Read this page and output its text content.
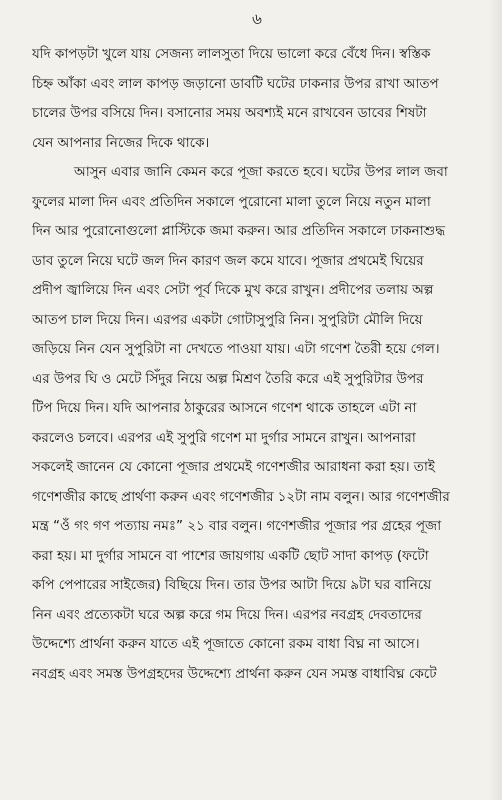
৬
যদি কাপড়টা খুলে যায় সেজন্য লালসুতা দিয়ে ভালো করে বেঁধে দিন। স্বস্তিক
চিহ্ন আঁকা এবং লাল কাপড় জড়ানো ডাবটি ঘটের ঢাকনার উপর রাখা আতপ
চালের উপর বসিয়ে দিন। বসানোর সময় অবশ্যই মনে রাখবেন ডাবের শিষটা
যেন আপনার নিজের দিকে থাকে।
আসুন এবার জানি কেমন করে পূজা করতে হবে। ঘটের উপর লাল জবা
ফুলের মালা দিন এবং প্রতিদিন সকালে পুরোনো মালা তুলে নিয়ে নতুন মালা
দিন আর পুরোনোগুলো প্লাস্টিকে জমা করুন। আর প্রতিদিন সকালে ঢাকনাশুদ্ধ
ডাব তুলে নিয়ে ঘটে জল দিন কারণ জল কমে যাবে। পূজার প্রথমেই ঘিয়ের
প্রদীপ জ্বালিয়ে দিন এবং সেটা পূর্ব দিকে মুখ করে রাখুন। প্রদীপের তলায় অল্প
আতপ চাল দিয়ে দিন। এরপর একটা গোটাসুপুরি নিন। সুপুরিটা মৌলি দিয়ে
জড়িয়ে নিন যেন সুপুরিটা না দেখতে পাওয়া যায়। এটা গণেশ তৈরী হয়ে গেল।
এর উপর ঘি ও মেটে সিঁদুর নিয়ে অল্প মিশ্রণ তৈরি করে এই সুপুরিটার উপর
টিপ দিয়ে দিন। যদি আপনার ঠাকুরের আসনে গণেশ থাকে তাহলে এটা না
করলেও চলবে। এরপর এই সুপুরি গণেশ মা দুর্গার সামনে রাখুন। আপনারা
সকলেই জানেন যে কোনো পূজার প্রথমেই গণেশজীর আরাধনা করা হয়। তাই
গণেশজীর কাছে প্রার্থণা করুন এবং গণেশজীর ১২টা নাম বলুন। আর গণেশজীর
মন্ত্র “ওঁ গং গণ পত্যায় নমঃ” ২১ বার বলুন। গণেশজীর পূজার পর গ্রহের পূজা
করা হয়। মা দুর্গার সামনে বা পাশের জায়গায় একটি ছোট সাদা কাপড় (ফটো
কপি পেপারের সাইজের) বিছিয়ে দিন। তার উপর আটা দিয়ে ৯টা ঘর বানিয়ে
নিন এবং প্রত্যেকটা ঘরে অল্প করে গম দিয়ে দিন। এরপর নবগ্রহ দেবতাদের
উদ্দেশ্যে প্রার্থনা করুন যাতে এই পূজাতে কোনো রকম বাধা বিঘ্ন না আসে।
নবগ্রহ এবং সমস্ত উপগ্রহদের উদ্দেশ্যে প্রার্থনা করুন যেন সমস্ত বাধাবিঘ্ন কেটে
